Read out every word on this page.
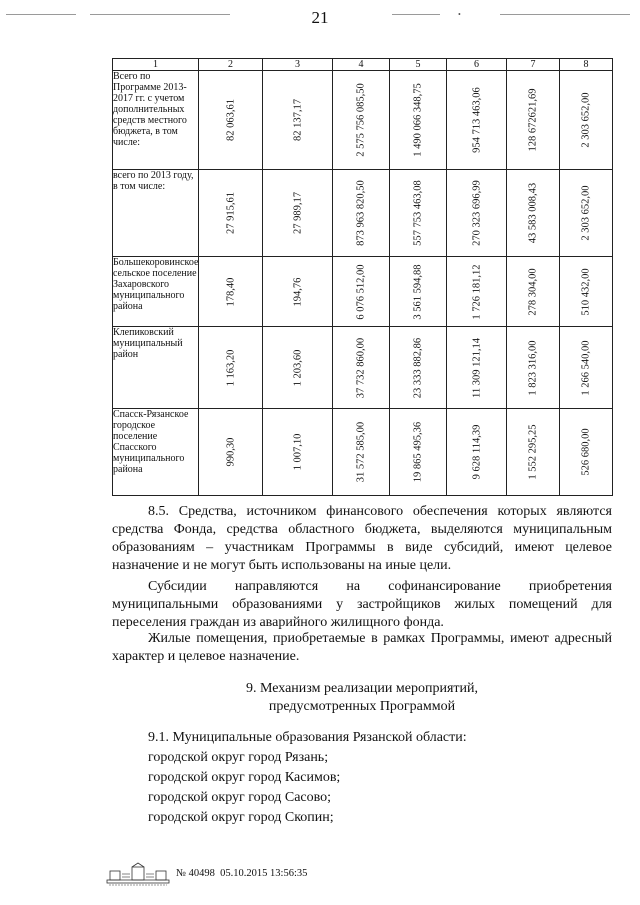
•
21
1	2	3	4	5	6	7	8
Всего по Программе 2013-2017 гг. с учетом дополнительных средств местного бюджета, в том числе:	82 063,61	82 137,17	2 575 756 085,50	1 490 066 348,75	954 713 463,06	128 672621,69	2 303 652,00

всего по 2013 году, в том числе:	27 915,61	27 989,17	873 963 820,50	557 753 463,08	270 323 696,99	43 583 008,43	2 303 652,00

Большекоровинское сельское поселение Захаровского муниципального района	178,40	194,76	6 076 512,00	3 561 594,88	1 726 181,12	278 304,00	510 432,00

Клепиковский муниципальный район	1 163,20	1 203,60	37 732 860,00	23 333 882,86	11 309 121,14	1 823 316,00	1 266 540,00

Спасск-Рязанское городское поселение Спасского муниципального района	990,30	1 007,10	31 572 585,00	19 865 495,36	9 628 114,39	1 552 295,25	526 680,00

8.5. Средства, источником финансового обеспечения которых являются средства Фонда, средства областного бюджета, выделяются муниципальным образованиям – участникам Программы в виде субсидий, имеют целевое назначение и не могут быть использованы на иные цели.

Субсидии направляются на софинансирование приобретения муниципальными образованиями у застройщиков жилых помещений для переселения граждан из аварийного жилищного фонда.

Жилые помещения, приобретаемые в рамках Программы, имеют адресный характер и целевое назначение.

9. Механизм реализации мероприятий,
предусмотренных Программой
9.1. Муниципальные образования Рязанской области:
городской округ город Рязань;
городской округ город Касимов;
городской округ город Сасово;
городской округ город Скопин;
№ 40498 05.10.2015 13:56:35
